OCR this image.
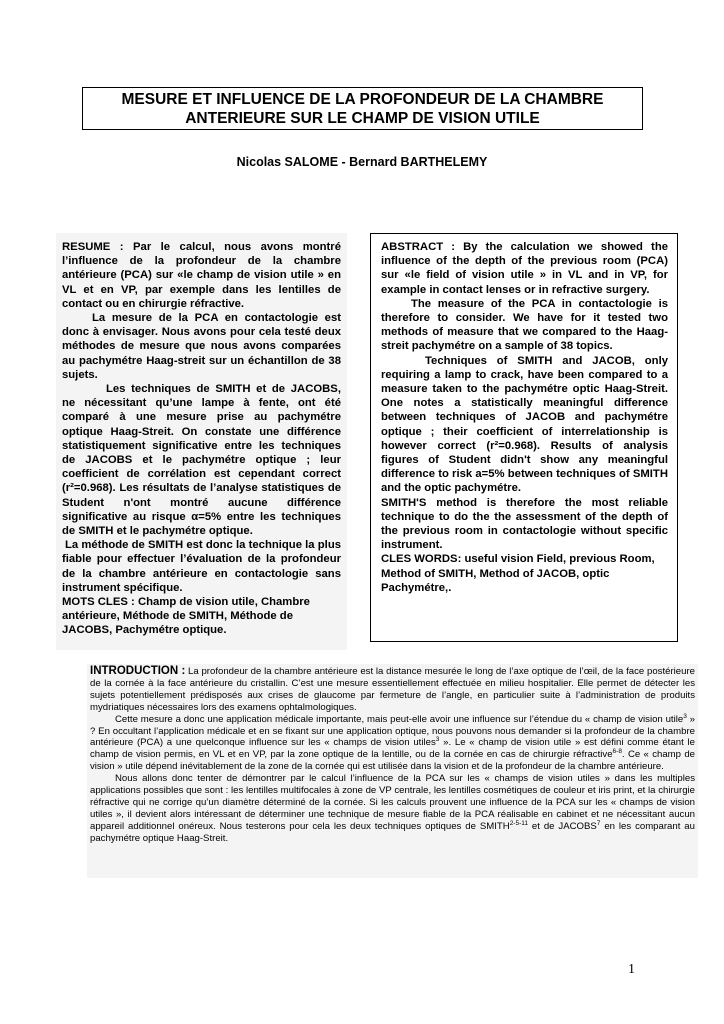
MESURE ET INFLUENCE DE LA PROFONDEUR DE LA CHAMBRE
ANTERIEURE SUR LE CHAMP DE VISION UTILE
Nicolas SALOME - Bernard BARTHELEMY

RESUME : Par le calcul, nous avons montré l’influence de la profondeur de la chambre antérieure (PCA) sur «le champ de vision utile » en VL et en VP, par exemple dans les lentilles de contact ou en chirurgie réfractive.

La mesure de la PCA en contactologie est donc à envisager. Nous avons pour cela testé deux méthodes de mesure que nous avons comparées au pachymétre Haag-streit sur un échantillon de 38 sujets.

Les techniques de SMITH et de JACOBS, ne nécessitant qu’une lampe à fente, ont été comparé à une mesure prise au pachymétre optique Haag-Streit. On constate une différence statistiquement significative entre les techniques de JACOBS et le pachymétre optique ; leur coefficient de corrélation est cependant correct (r²=0.968). Les résultats de l’analyse statistiques de Student n'ont montré aucune différence significative au risque α=5% entre les techniques de SMITH et le pachymétre optique.

La méthode de SMITH est donc la technique la plus fiable pour effectuer l’évaluation de la profondeur de la chambre antérieure en contactologie sans instrument spécifique.

MOTS CLES : Champ de vision utile, Chambre antérieure, Méthode de SMITH, Méthode de JACOBS, Pachymétre optique.

ABSTRACT : By the calculation we showed the influence of the depth of the previous room (PCA) sur «le field of vision utile » in VL and in VP, for example in contact lenses or in refractive surgery.

The measure of the PCA in contactologie is therefore to consider. We have for it tested two methods of measure that we compared to the Haag-streit pachymétre on a sample of 38 topics.

Techniques of SMITH and JACOB, only requiring a lamp to crack, have been compared to a measure taken to the pachymétre optic Haag-Streit. One notes a statistically meaningful difference between techniques of JACOB and pachymétre optique ; their coefficient of interrelationship is however correct (r²=0.968). Results of analysis figures of Student didn't show any meaningful difference to risk a=5% between techniques of SMITH and the optic pachymétre.

SMITH'S method is therefore the most reliable technique to do the the assessment of the depth of the previous room in contactologie without specific instrument.

CLES WORDS: useful vision Field, previous Room, Method of SMITH, Method of JACOB, optic Pachymétre,.

INTRODUCTION : La profondeur de la chambre antérieure est la distance mesurée le long de l’axe optique de l’œil, de la face postérieure de la cornée à la face antérieure du cristallin. C’est une mesure essentiellement effectuée en milieu hospitalier. Elle permet de détecter les sujets potentiellement prédisposés aux crises de glaucome par fermeture de l’angle, en particulier suite à l’administration de produits mydriatiques nécessaires lors des examens ophtalmologiques.

Cette mesure a donc une application médicale importante, mais peut-elle avoir une influence sur l’étendue du « champ de vision utile$^3$ » ? En occultant l’application médicale et en se fixant sur une application optique, nous pouvons nous demander si la profondeur de la chambre antérieure (PCA) a une quelconque influence sur les « champs de vision utiles$^3$ ». Le « champ de vision utile » est défini comme étant le champ de vision permis, en VL et en VP, par la zone optique de la lentille, ou de la cornée en cas de chirurgie réfractive$^{6-8}$. Ce « champ de vision » utile dépend inévitablement de la zone de la cornée qui est utilisée dans la vision et de la profondeur de la chambre antérieure.

Nous allons donc tenter de démontrer par le calcul l’influence de la PCA sur les « champs de vision utiles » dans les multiples applications possibles que sont : les lentilles multifocales à zone de VP centrale, les lentilles cosmétiques de couleur et iris print, et la chirurgie réfractive qui ne corrige qu’un diamètre déterminé de la cornée. Si les calculs prouvent une influence de la PCA sur les « champs de vision utiles », il devient alors intéressant de déterminer une technique de mesure fiable de la PCA réalisable en cabinet et ne nécessitant aucun appareil additionnel onéreux. Nous testerons pour cela les deux techniques optiques de SMITH$^{2-5-11}$ et de JACOBS$^7$ en les comparant au pachymétre optique Haag-Streit.

1
